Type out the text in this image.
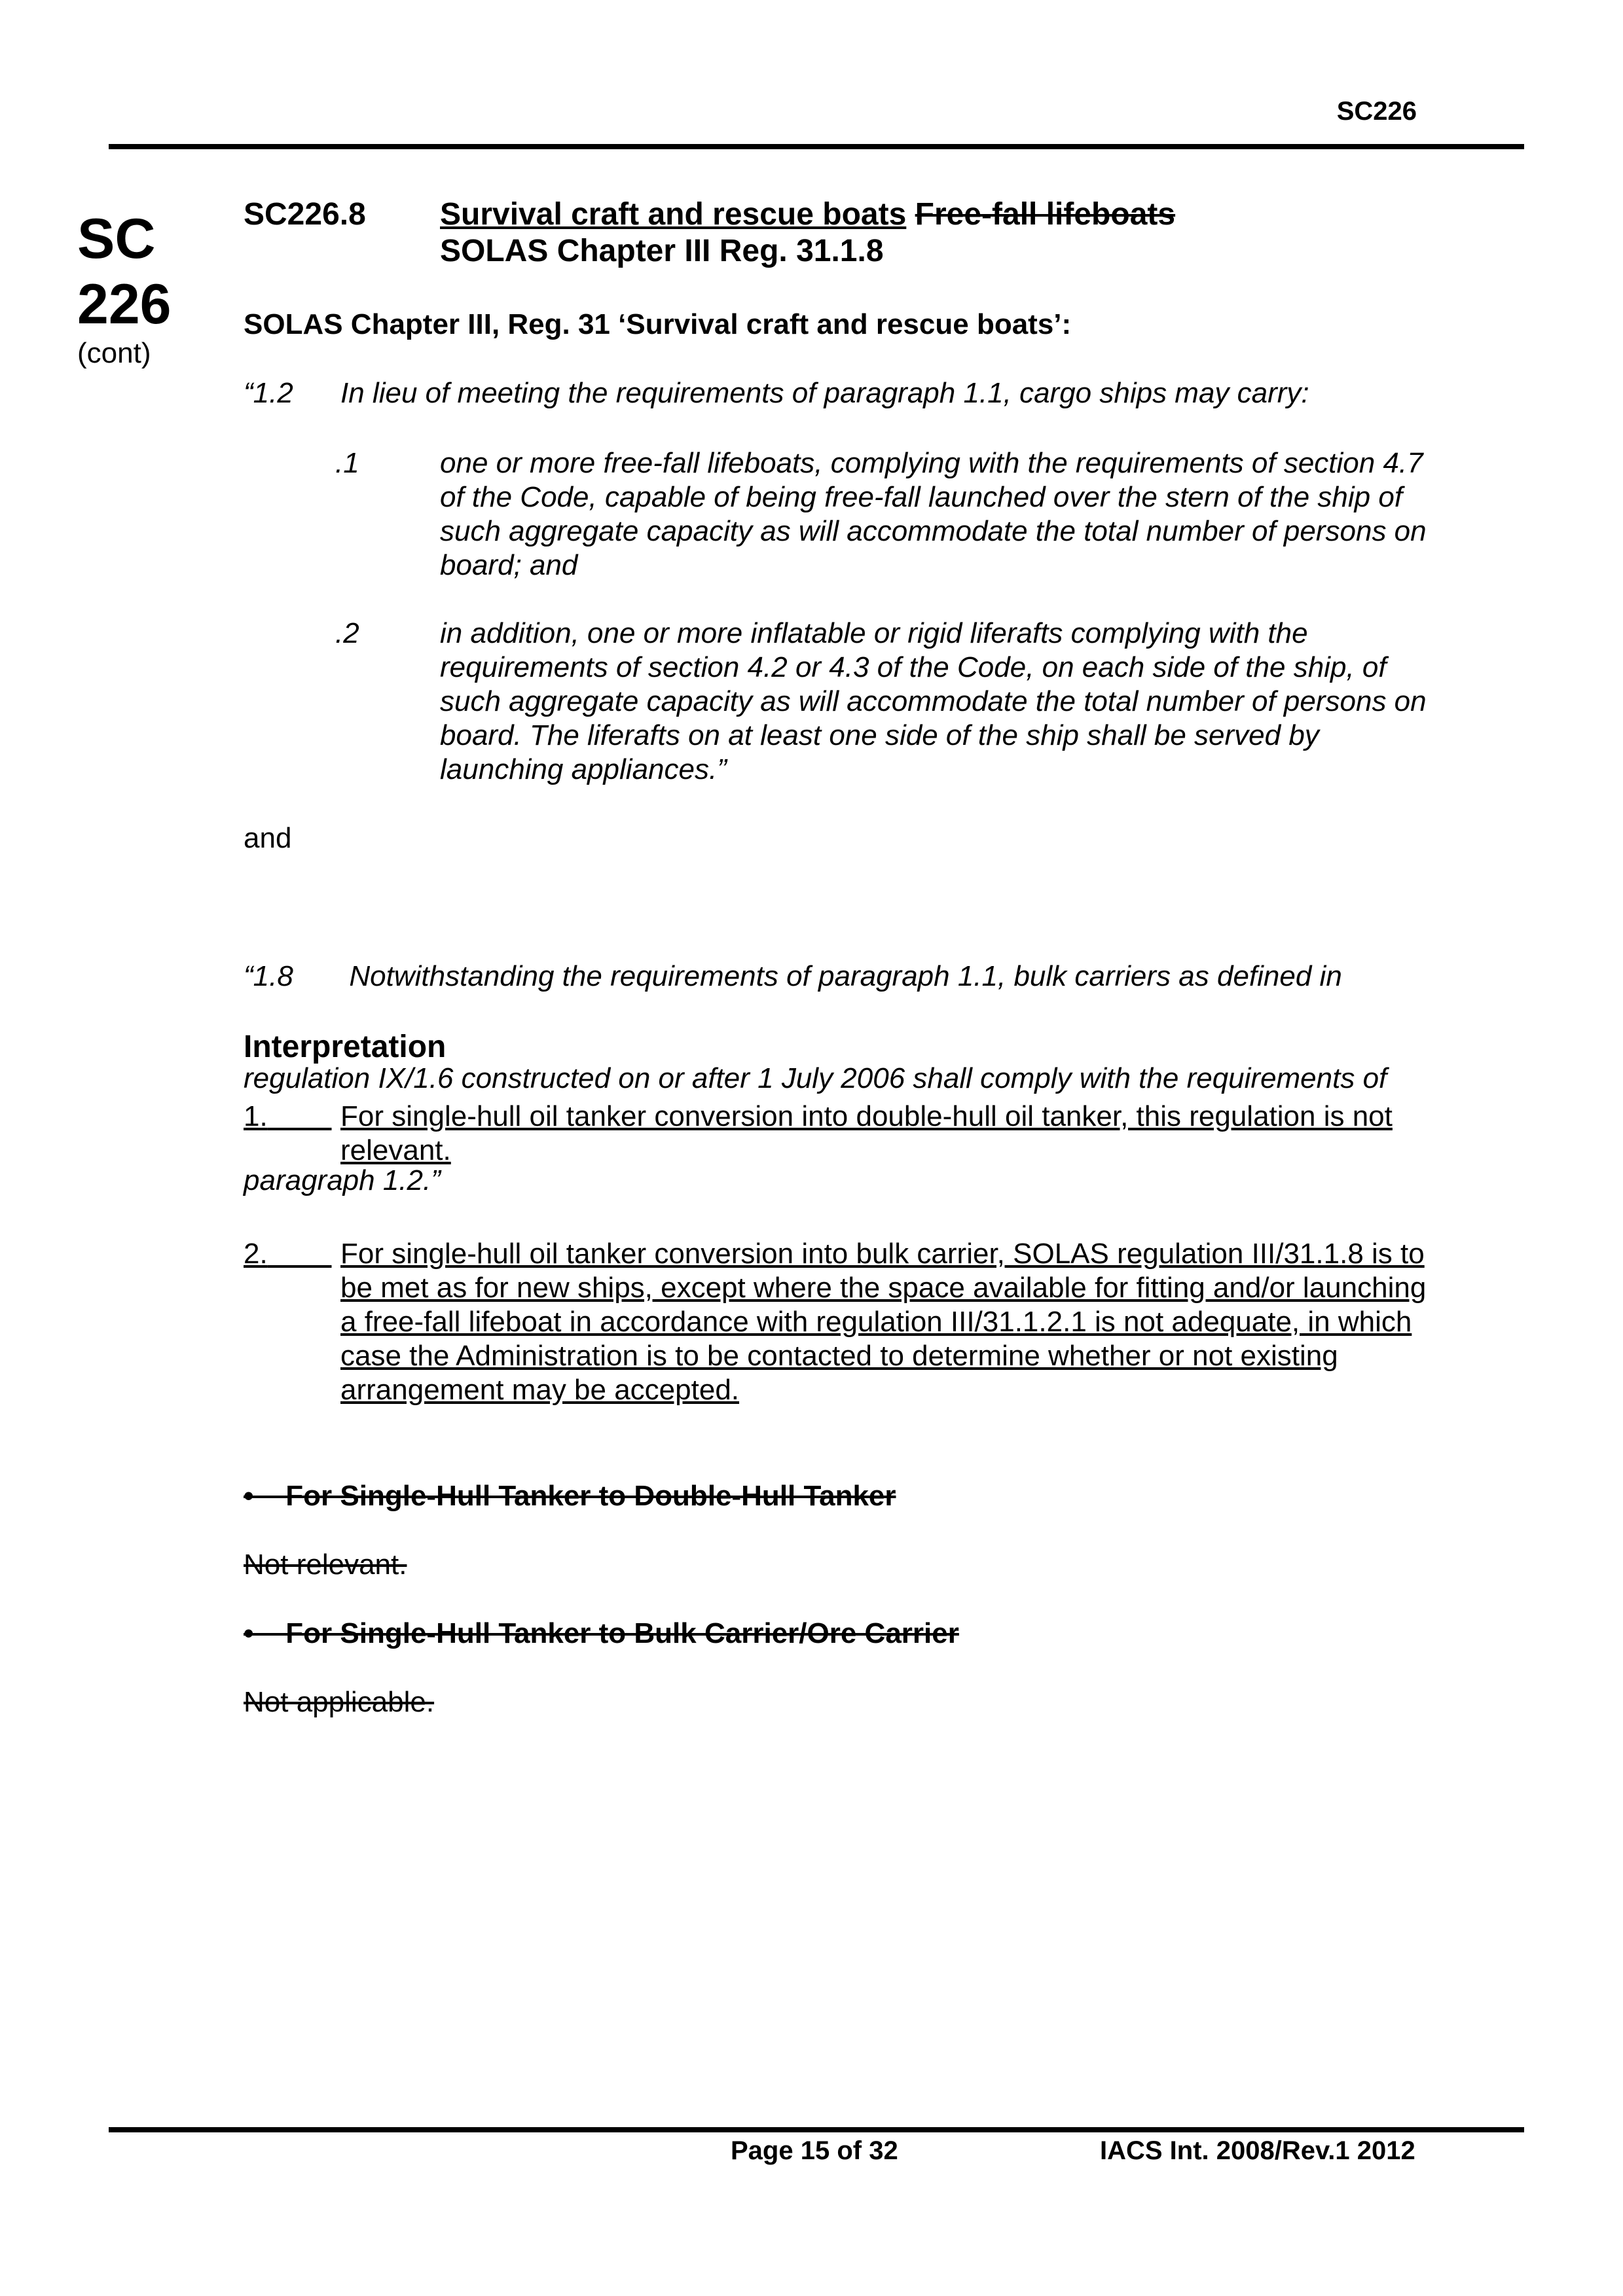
SC226
SC
226
(cont)
SC226.8 Survival craft and rescue boats Free-fall lifeboats
SOLAS Chapter III Reg. 31.1.8
SOLAS Chapter III, Reg. 31 ‘Survival craft and rescue boats’:
“1.2 In lieu of meeting the requirements of paragraph 1.1, cargo ships may carry:
.1	one or more free-fall lifeboats, complying with the requirements of section 4.7
of the Code, capable of being free-fall launched over the stern of the ship of
such aggregate capacity as will accommodate the total number of persons on
board; and
.2	in addition, one or more inflatable or rigid liferafts complying with the
requirements of section 4.2 or 4.3 of the Code, on each side of the ship, of
such aggregate capacity as will accommodate the total number of persons on
board. The liferafts on at least one side of the ship shall be served by
launching appliances.”
and

“1.8       Notwithstanding the requirements of paragraph 1.1, bulk carriers as defined in

regulation IX/1.6 constructed on or after 1 July 2006 shall comply with the requirements of

paragraph 1.2.”

Interpretation
1.	For single-hull oil tanker conversion into double-hull oil tanker, this regulation is not
relevant.
2.	For single-hull oil tanker conversion into bulk carrier, SOLAS regulation III/31.1.8 is to
be met as for new ships, except where the space available for fitting and/or launching
a free-fall lifeboat in accordance with regulation III/31.1.2.1 is not adequate, in which
case the Administration is to be contacted to determine whether or not existing
arrangement may be accepted.
•    For Single-Hull Tanker to Double-Hull Tanker
Not relevant.
•    For Single-Hull Tanker to Bulk Carrier/Ore Carrier
Not applicable.
Page 15 of 32	IACS Int. 2008/Rev.1 2012
